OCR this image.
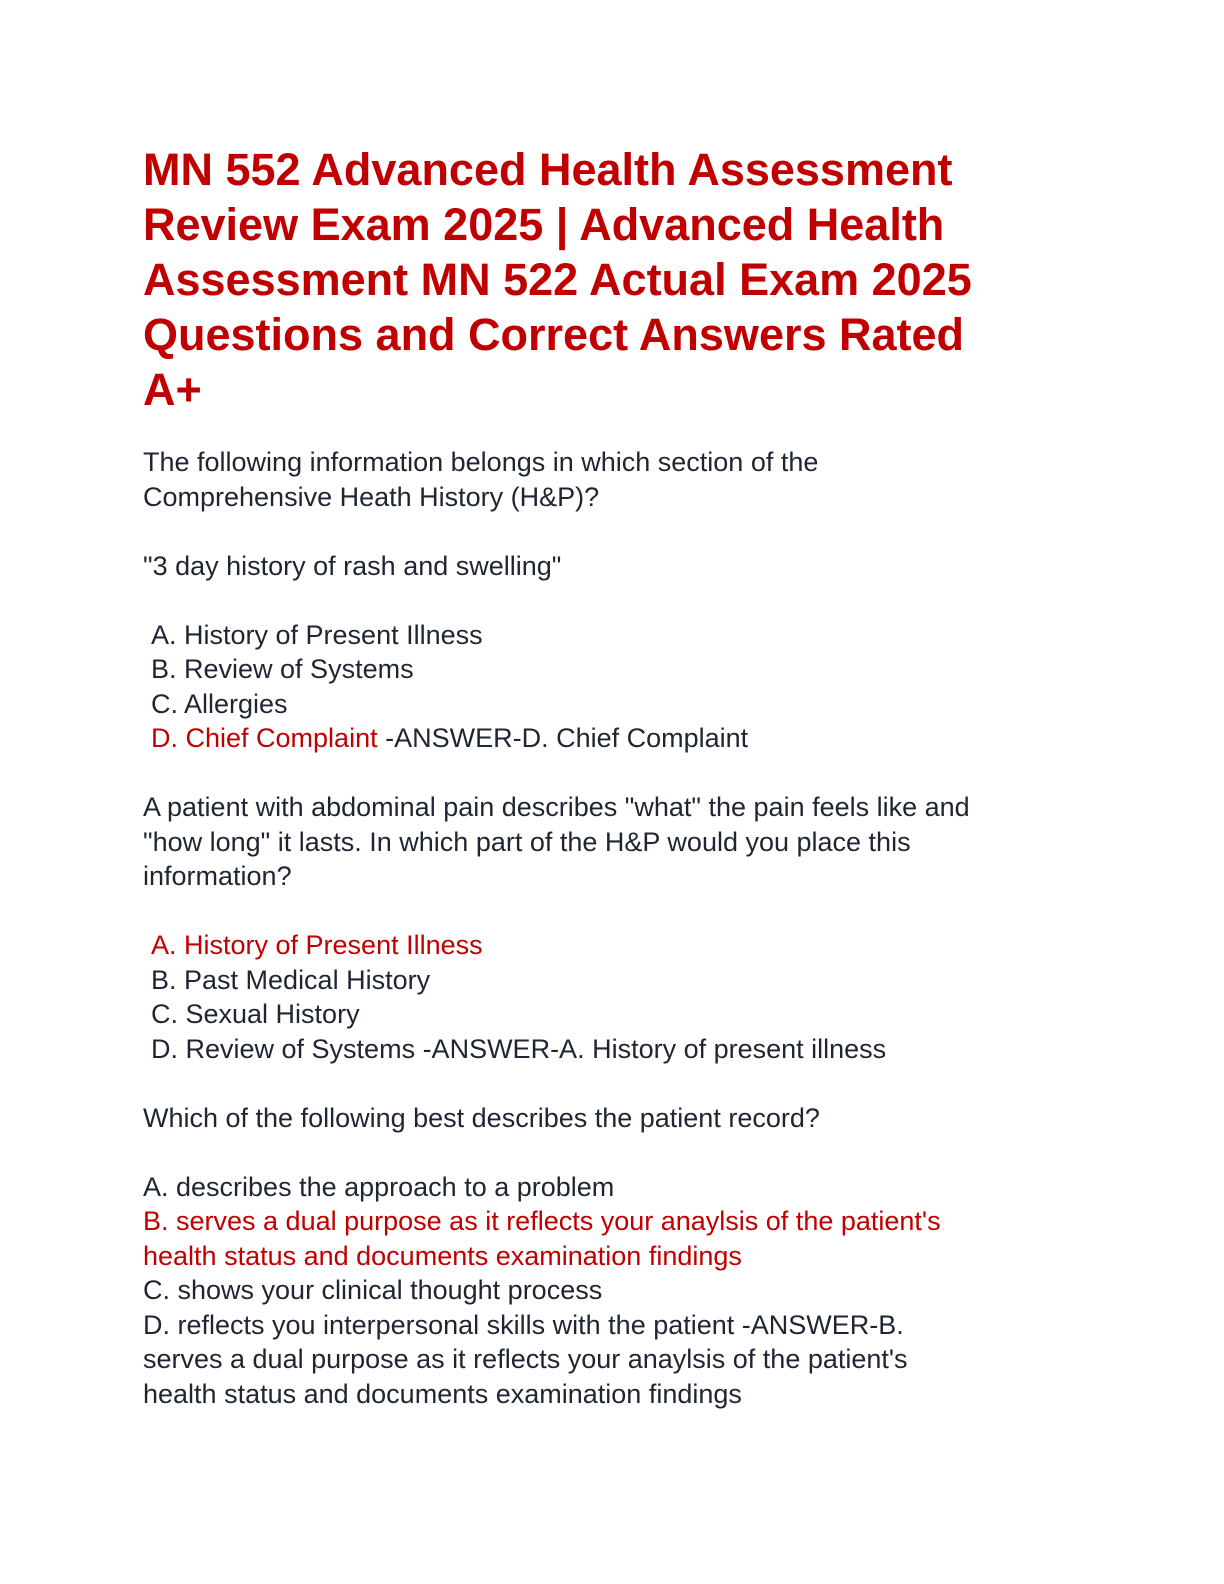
MN 552 Advanced Health Assessment
Review Exam 2025 | Advanced Health
Assessment MN 522 Actual Exam 2025
Questions and Correct Answers Rated
A+
The following information belongs in which section of the
Comprehensive Heath History (H&P)?
"3 day history of rash and swelling"
A. History of Present Illness
B. Review of Systems
C. Allergies
D. Chief Complaint -ANSWER-D. Chief Complaint
A patient with abdominal pain describes "what" the pain feels like and
"how long" it lasts. In which part of the H&P would you place this
information?
A. History of Present Illness
B. Past Medical History
C. Sexual History
D. Review of Systems -ANSWER-A. History of present illness
Which of the following best describes the patient record?
A. describes the approach to a problem
B. serves a dual purpose as it reflects your anaylsis of the patient's
health status and documents examination findings
C. shows your clinical thought process
D. reflects you interpersonal skills with the patient -ANSWER-B.
serves a dual purpose as it reflects your anaylsis of the patient's
health status and documents examination findings
